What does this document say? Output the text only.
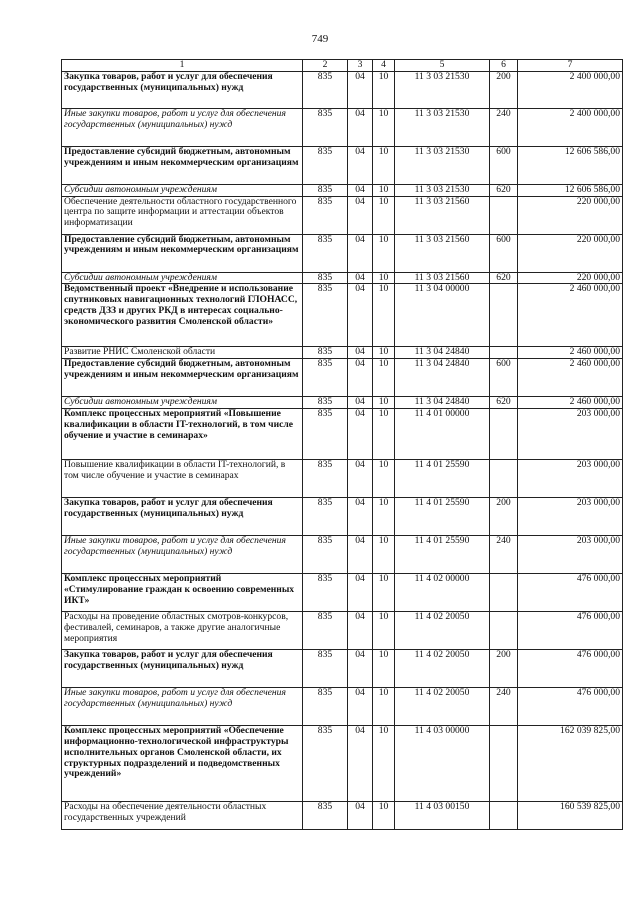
749
1	2	3	4	5	6	7
Закупка товаров, работ и услуг для обеспечения государственных (муниципальных) нужд	835	04	10	11 3 03 21530	200	2 400 000,00
Иные закупки товаров, работ и услуг для обеспечения государственных (муниципальных) нужд	835	04	10	11 3 03 21530	240	2 400 000,00
Предоставление субсидий бюджетным, автономным учреждениям и иным некоммерческим организациям	835	04	10	11 3 03 21530	600	12 606 586,00
Субсидии автономным учреждениям	835	04	10	11 3 03 21530	620	12 606 586,00
Обеспечение деятельности областного государственного центра по защите информации и аттестации объектов информатизации	835	04	10	11 3 03 21560		220 000,00
Предоставление субсидий бюджетным, автономным учреждениям и иным некоммерческим организациям	835	04	10	11 3 03 21560	600	220 000,00
Субсидии автономным учреждениям	835	04	10	11 3 03 21560	620	220 000,00
Ведомственный проект «Внедрение и использование спутниковых навигационных технологий ГЛОНАСС, средств ДЗЗ и других РКД в интересах социально-экономического развития Смоленской области»	835	04	10	11 3 04 00000		2 460 000,00
Развитие РНИС Смоленской области	835	04	10	11 3 04 24840		2 460 000,00
Предоставление субсидий бюджетным, автономным учреждениям и иным некоммерческим организациям	835	04	10	11 3 04 24840	600	2 460 000,00
Субсидии автономным учреждениям	835	04	10	11 3 04 24840	620	2 460 000,00
Комплекс процессных мероприятий «Повышение квалификации в области IT-технологий, в том числе обучение и участие в семинарах»	835	04	10	11 4 01 00000		203 000,00
Повышение квалификации в области IT-технологий, в том числе обучение и участие в семинарах	835	04	10	11 4 01 25590		203 000,00
Закупка товаров, работ и услуг для обеспечения государственных (муниципальных) нужд	835	04	10	11 4 01 25590	200	203 000,00
Иные закупки товаров, работ и услуг для обеспечения государственных (муниципальных) нужд	835	04	10	11 4 01 25590	240	203 000,00
Комплекс процессных мероприятий «Стимулирование граждан к освоению современных ИКТ»	835	04	10	11 4 02 00000		476 000,00
Расходы на проведение областных смотров-конкурсов, фестивалей, семинаров, а также другие аналогичные мероприятия	835	04	10	11 4 02 20050		476 000,00
Закупка товаров, работ и услуг для обеспечения государственных (муниципальных) нужд	835	04	10	11 4 02 20050	200	476 000,00
Иные закупки товаров, работ и услуг для обеспечения государственных (муниципальных) нужд	835	04	10	11 4 02 20050	240	476 000,00
Комплекс процессных мероприятий «Обеспечение информационно-технологической инфраструктуры исполнительных органов Смоленской области, их структурных подразделений и подведомственных учреждений»	835	04	10	11 4 03 00000		162 039 825,00
Расходы на обеспечение деятельности областных государственных учреждений	835	04	10	11 4 03 00150		160 539 825,00
